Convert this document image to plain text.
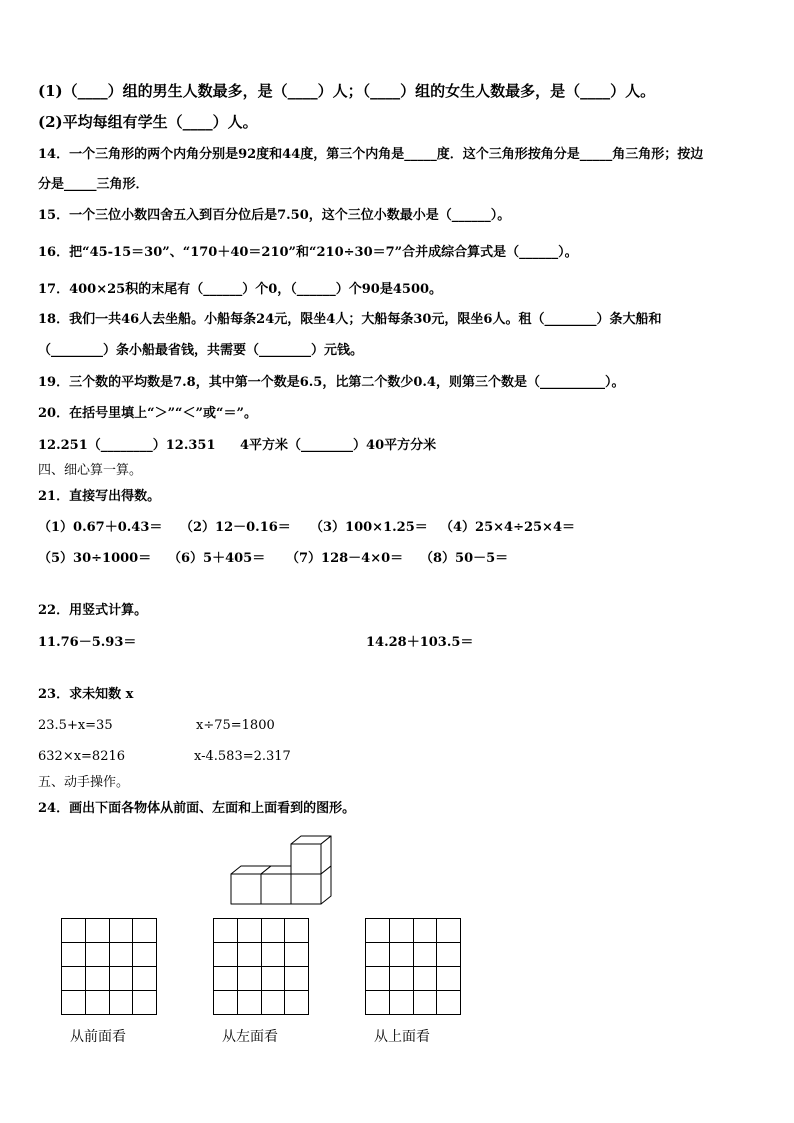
(1)（____）组的男生人数最多，是（____）人；（____）组的女生人数最多，是（____）人。
(2)平均每组有学生（____）人。
14．一个三角形的两个内角分别是92度和44度，第三个内角是_____度．这个三角形按角分是_____角三角形；按边
分是_____三角形．
15．一个三位小数四舍五入到百分位后是7.50，这个三位小数最小是（______）。
16．把“45-15＝30”、“170＋40＝210”和“210÷30＝7”合并成综合算式是（______）。
17．400×25积的末尾有（______）个0，（______）个90是4500。
18．我们一共46人去坐船。小船每条24元，限坐4人；大船每条30元，限坐6人。租（________）条大船和
（________）条小船最省钱，共需要（________）元钱。
19．三个数的平均数是7.8，其中第一个数是6.5，比第二个数少0.4，则第三个数是（__________）。
20．在括号里填上“＞”“＜”或“＝”。
12.251（________）12.351 4平方米（________）40平方分米
四、细心算一算。
21．直接写出得数。
（1）0.67＋0.43＝ （2）12－0.16＝ （3）100×1.25＝ （4）25×4÷25×4＝
（5）30÷1000＝ （6）5＋405＝ （7）128－4×0＝ （8）50－5＝
22．用竖式计算。
11.76－5.93＝	14.28＋103.5＝
23．求未知数 x
23.5+x=35	x÷75=1800
632×x=8216	x-4.583=2.317
五、动手操作。
24．画出下面各物体从前面、左面和上面看到的图形。

从前面看	从左面看	从上面看
